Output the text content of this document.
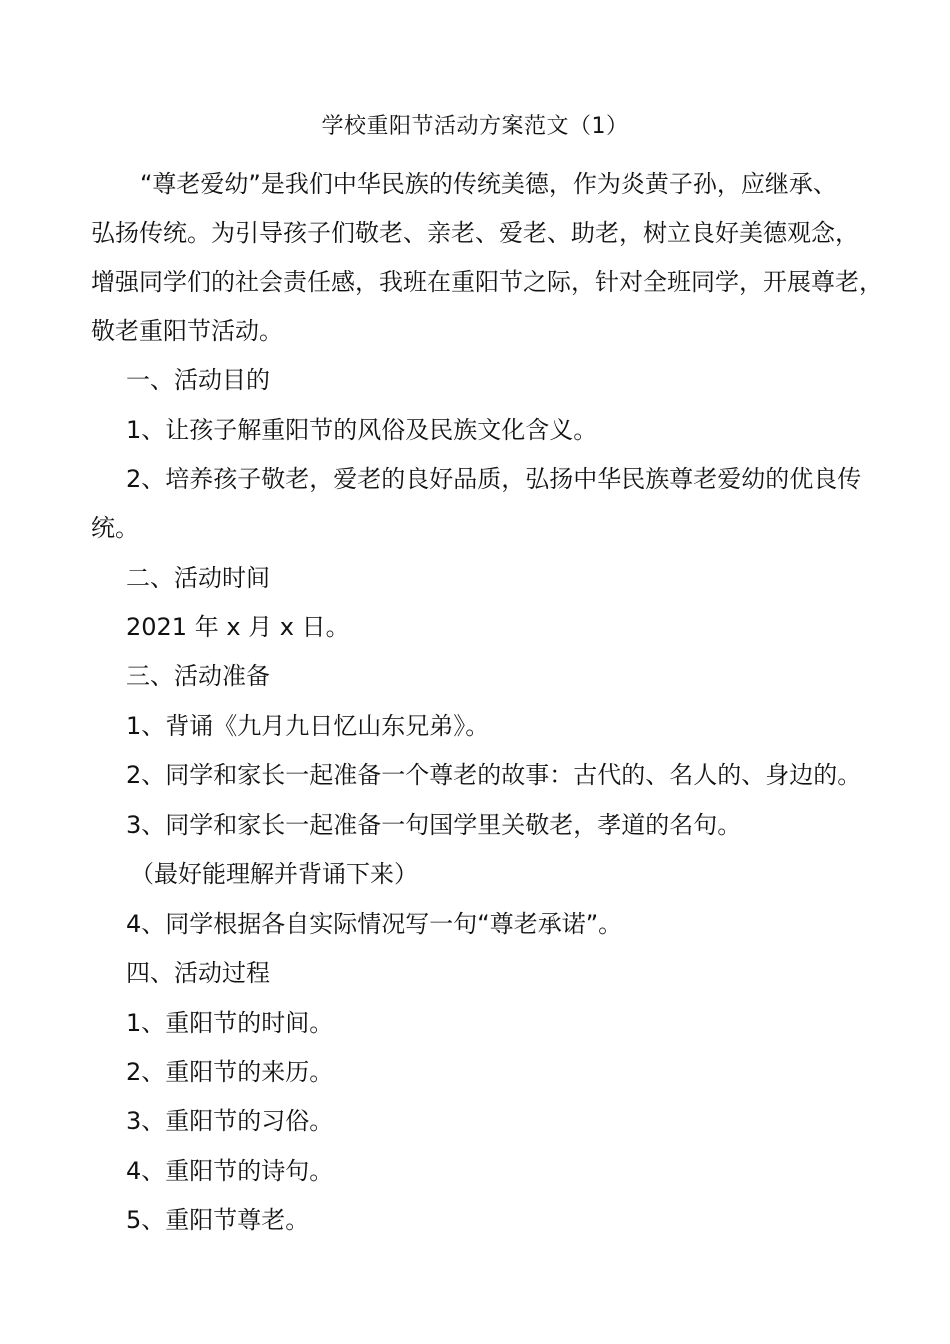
学校重阳节活动方案范文（1）
“尊老爱幼”是我们中华民族的传统美德，作为炎黄子孙，应继承、
弘扬传统。为引导孩子们敬老、亲老、爱老、助老，树立良好美德观念，
增强同学们的社会责任感，我班在重阳节之际，针对全班同学，开展尊老，
敬老重阳节活动。
一、活动目的
1、让孩子解重阳节的风俗及民族文化含义。
2、培养孩子敬老，爱老的良好品质，弘扬中华民族尊老爱幼的优良传
统。
二、活动时间
2021 年 x 月 x 日。
三、活动准备
1、背诵《九月九日忆山东兄弟》。
2、同学和家长一起准备一个尊老的故事：古代的、名人的、身边的。
3、同学和家长一起准备一句国学里关敬老，孝道的名句。
（最好能理解并背诵下来）
4、同学根据各自实际情况写一句“尊老承诺”。
四、活动过程
1、重阳节的时间。
2、重阳节的来历。
3、重阳节的习俗。
4、重阳节的诗句。
5、重阳节尊老。
